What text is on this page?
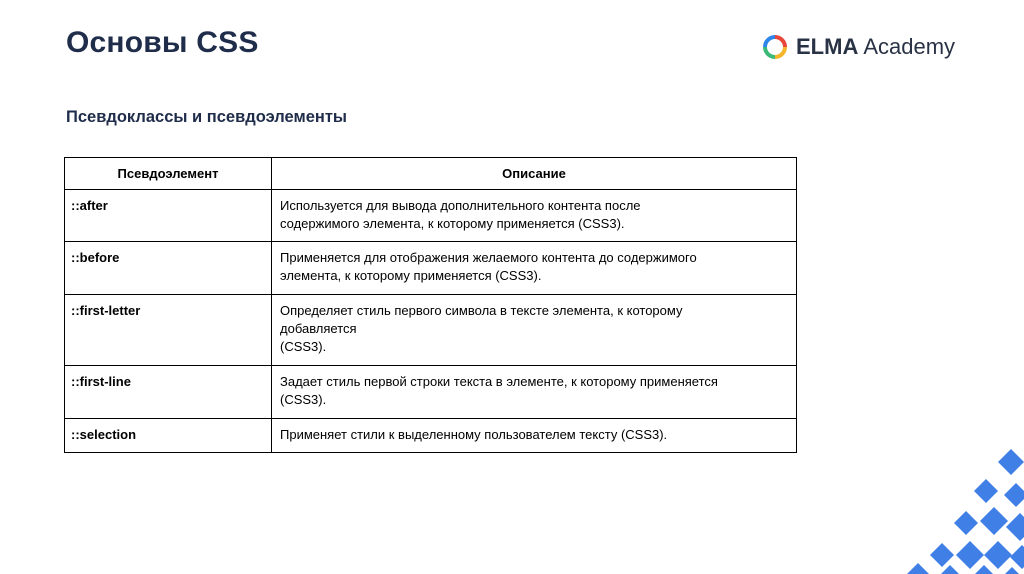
Основы CSS	ELMA Academy
Псевдоклассы и псевдоэлементы
Псевдоэлемент	Описание
::after	Используется для вывода дополнительного контента после
содержимого элемента, к которому применяется (CSS3).

::before	Применяется для отображения желаемого контента до содержимого
элемента, к которому применяется (CSS3).

::first-letter	Определяет стиль первого символа в тексте элемента, к которому
добавляется
(CSS3).

::first-line	Задает стиль первой строки текста в элементе, к которому применяется
(CSS3).

::selection	Применяет стили к выделенному пользователем тексту (CSS3).
